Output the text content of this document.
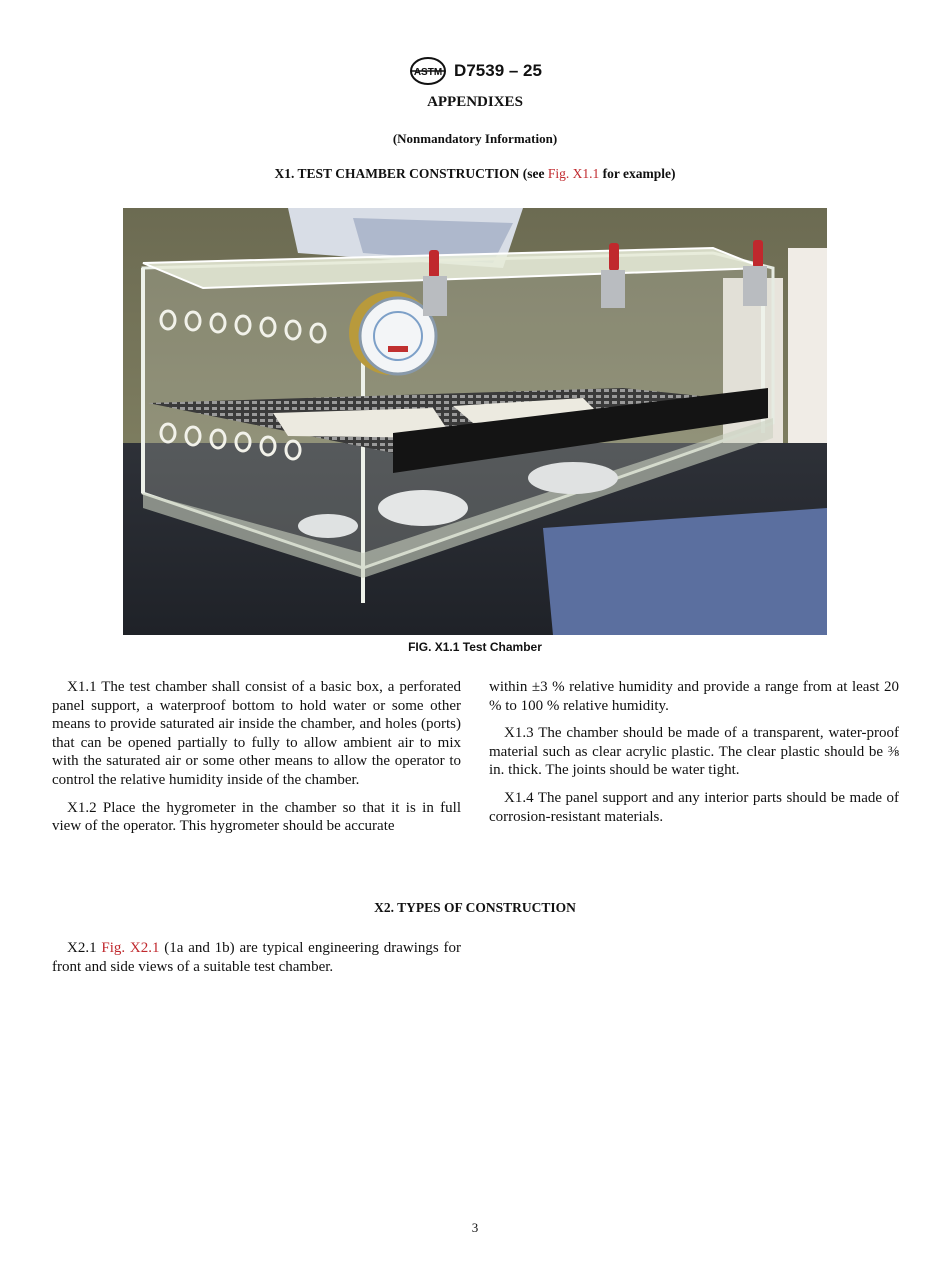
ASTM D7539 – 25
APPENDIXES
(Nonmandatory Information)
X1. TEST CHAMBER CONSTRUCTION (see Fig. X1.1 for example)
FIG. X1.1 Test Chamber

X1.1 The test chamber shall consist of a basic box, a perforated panel support, a waterproof bottom to hold water or some other means to provide saturated air inside the chamber, and holes (ports) that can be opened partially to fully to allow ambient air to mix with the saturated air or some other means to allow the operator to control the relative humidity inside of the chamber.

X1.2 Place the hygrometer in the chamber so that it is in full view of the operator. This hygrometer should be accurate

within ±3 % relative humidity and provide a range from at least 20 % to 100 % relative humidity.

X1.3 The chamber should be made of a transparent, water-proof material such as clear acrylic plastic. The clear plastic should be ⅜ in. thick. The joints should be water tight.

X1.4 The panel support and any interior parts should be made of corrosion-resistant materials.

X2. TYPES OF CONSTRUCTION

X2.1 Fig. X2.1 (1a and 1b) are typical engineering drawings for front and side views of a suitable test chamber.

3
